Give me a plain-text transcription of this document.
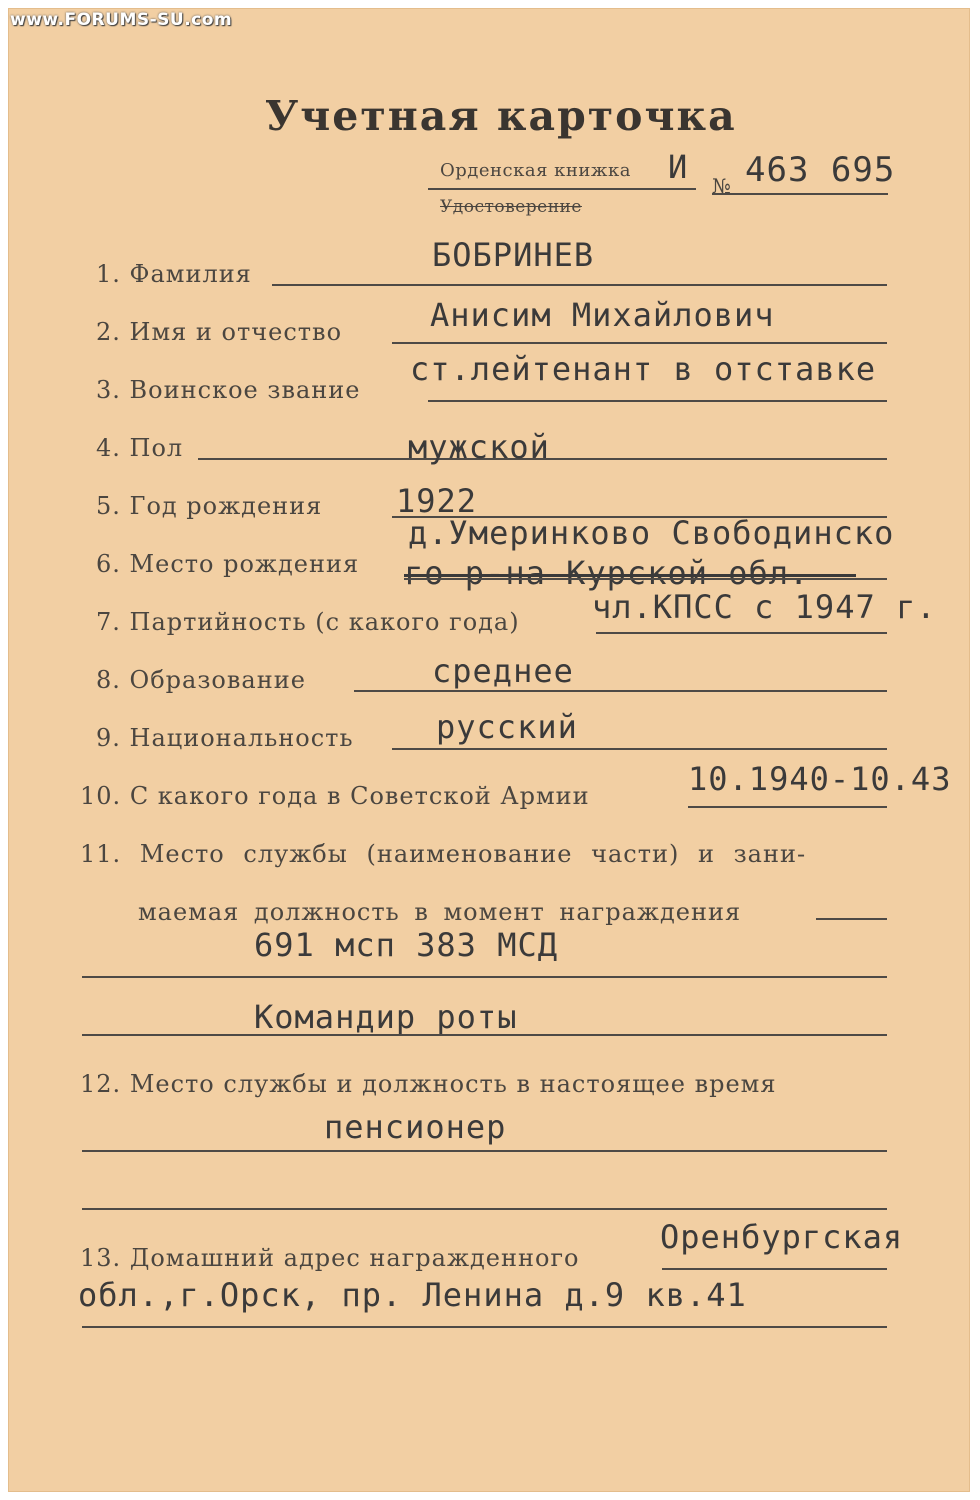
www.FORUMS-SU.com
Учетная карточка
Орденская книжка И
Удостоверение
№ 463 695
1. Фамилия	БОБРИНЕВ
2. Имя и отчество	Анисим Михайлович
3. Воинское звание
ст.лейтенант в отставке
4. Пол	мужской
5. Год рождения 1922
6. Место рождения
д.Умеринково Свободинско
го р-на Курской обл.
7. Партийность (с какого года) чл.КПСС с 1947 г.
8. Образование	среднее
9. Национальность	русский
10. С какого года в Советской Армии	10.1940-10.43
11. Место службы (наименование части) и зани-
маемая должность в момент награждения
691 мсп 383 МСД
Командир роты
12. Место службы и должность в настоящее время
пенсионер
13. Домашний адрес награжденного
Оренбургская
обл.,г.Орск, пр. Ленина д.9 кв.41
